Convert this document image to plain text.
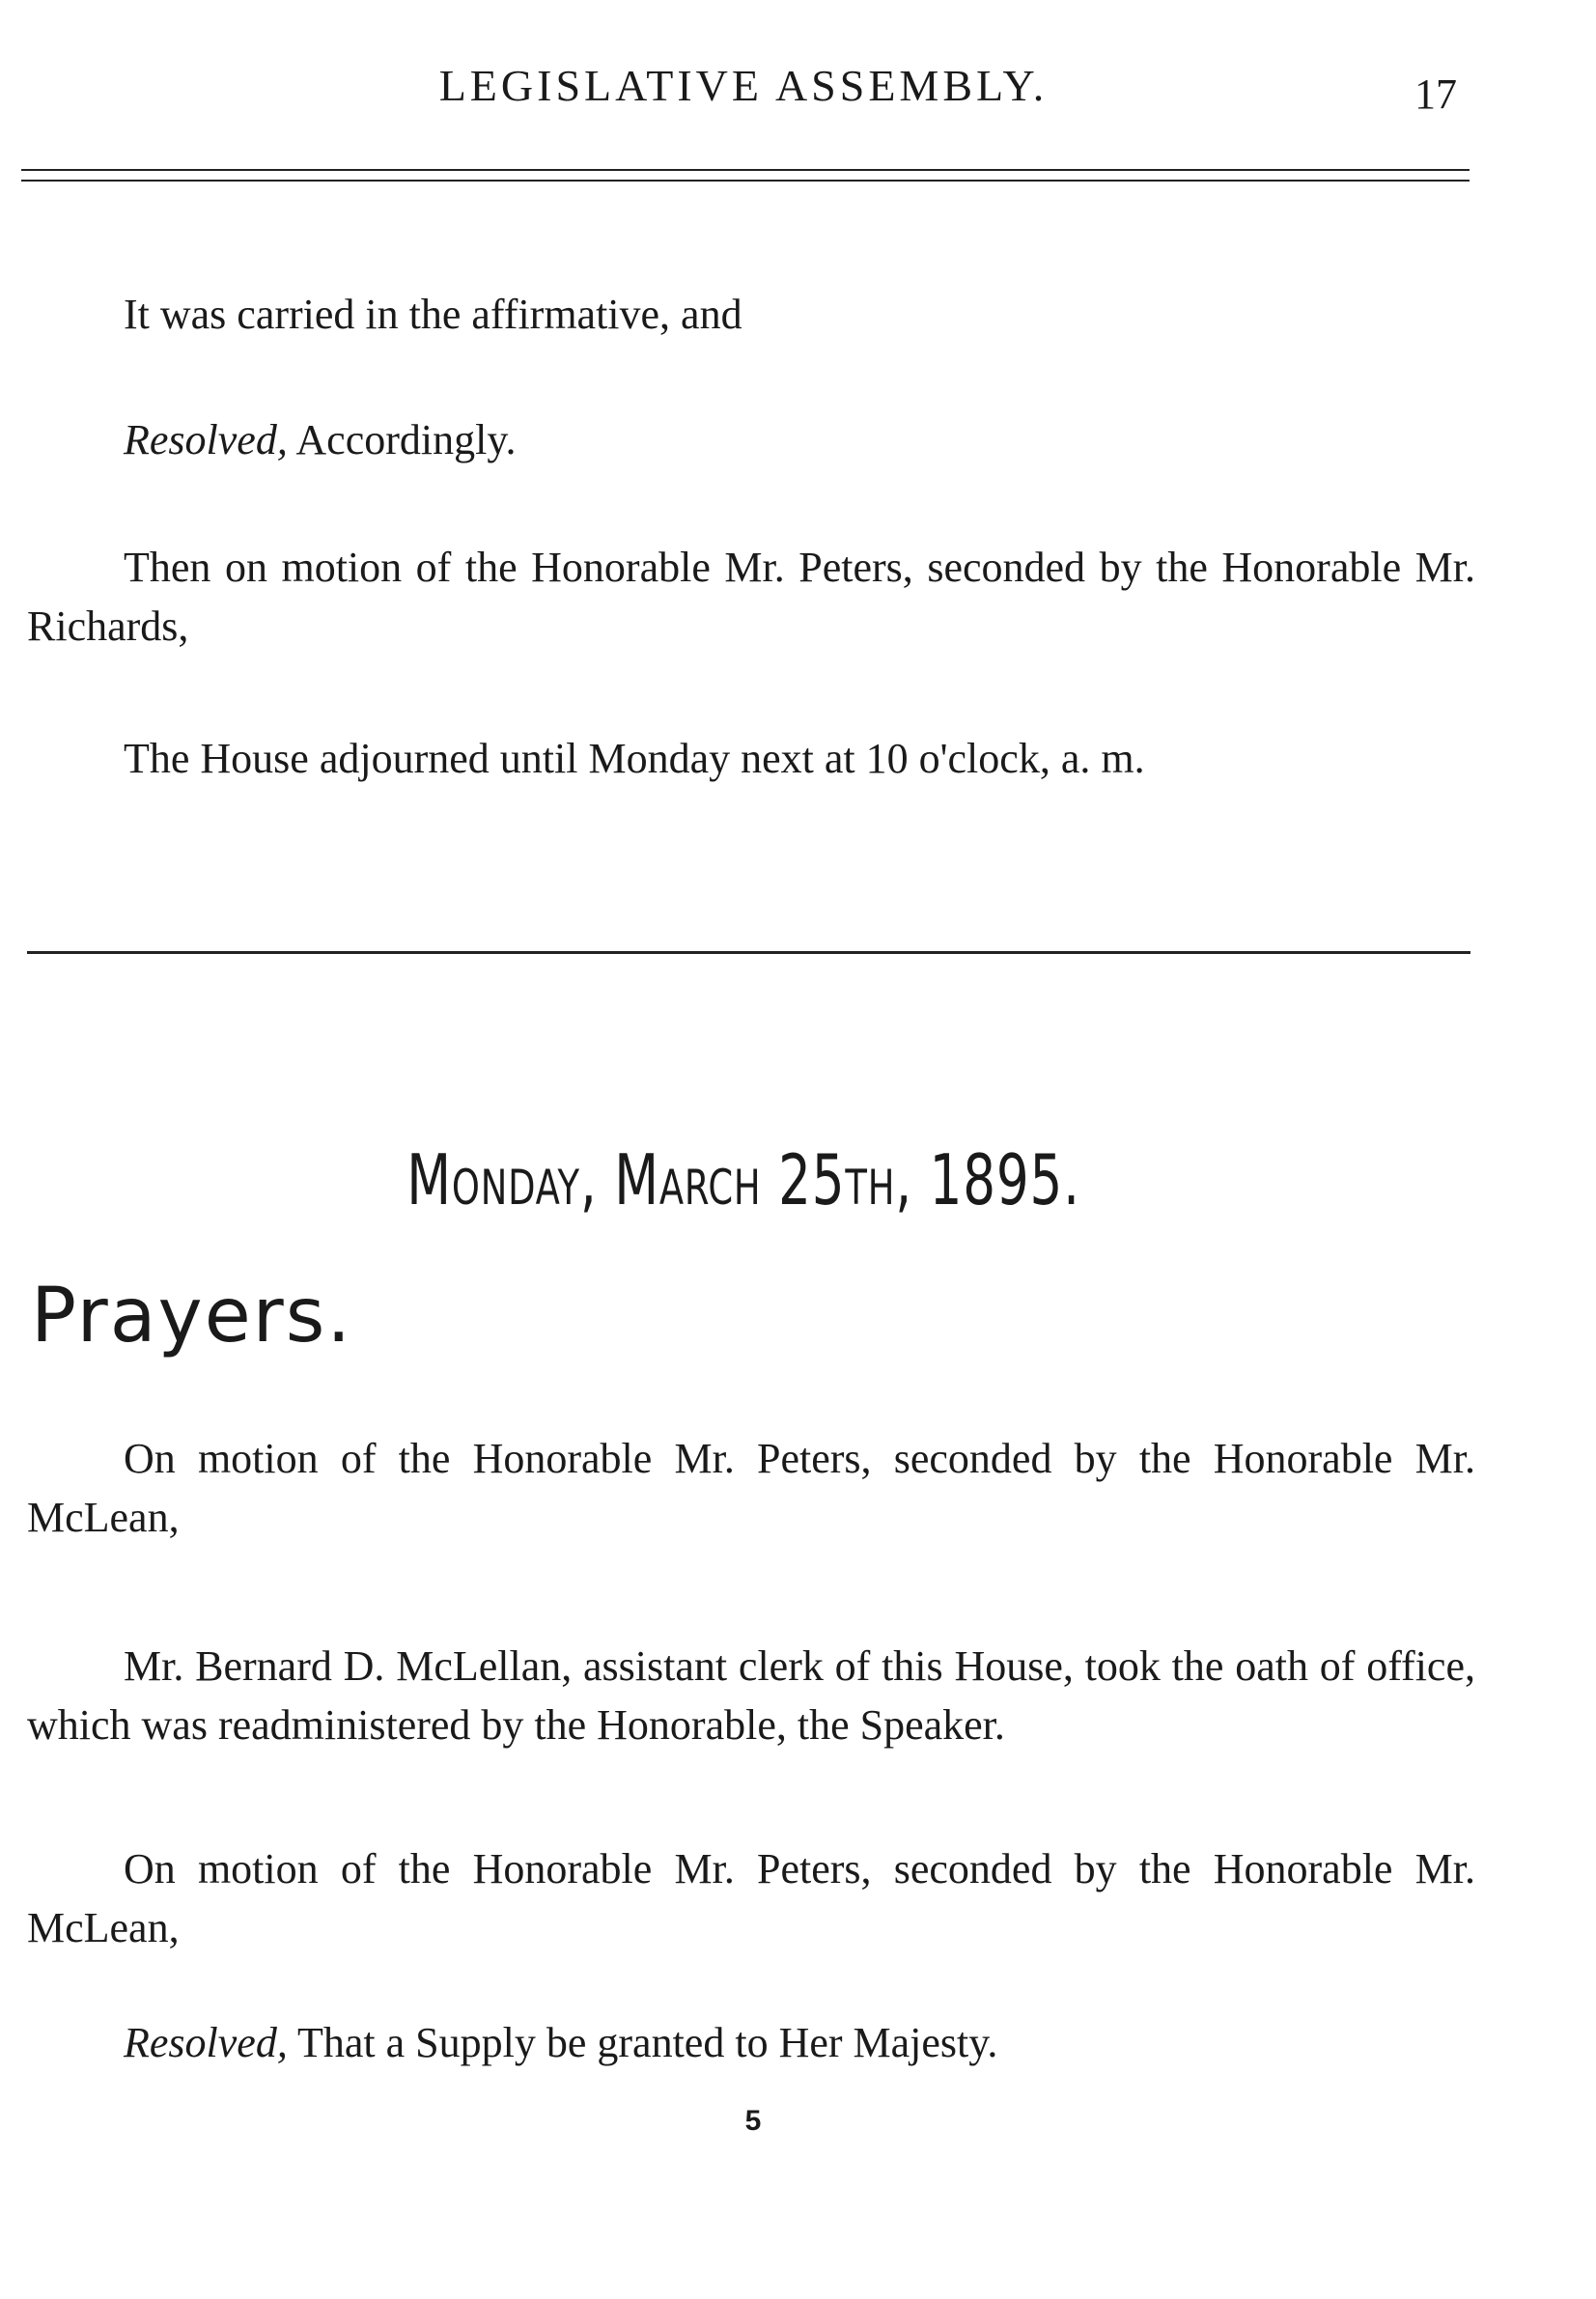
LEGISLATIVE ASSEMBLY.	17
It was carried in the affirmative, and
Resolved, Accordingly.
Then on motion of the Honorable Mr. Peters, seconded by the Honorable Mr. Richards,
The House adjourned until Monday next at 10 o'clock, a. m.
Monday, March 25th, 1895.
Prayers.
On motion of the Honorable Mr. Peters, seconded by the Honorable Mr. McLean,
Mr. Bernard D. McLellan, assistant clerk of this House, took the oath of office, which was readministered by the Honorable, the Speaker.
On motion of the Honorable Mr. Peters, seconded by the Honorable Mr. McLean,
Resolved, That a Supply be granted to Her Majesty.
5
